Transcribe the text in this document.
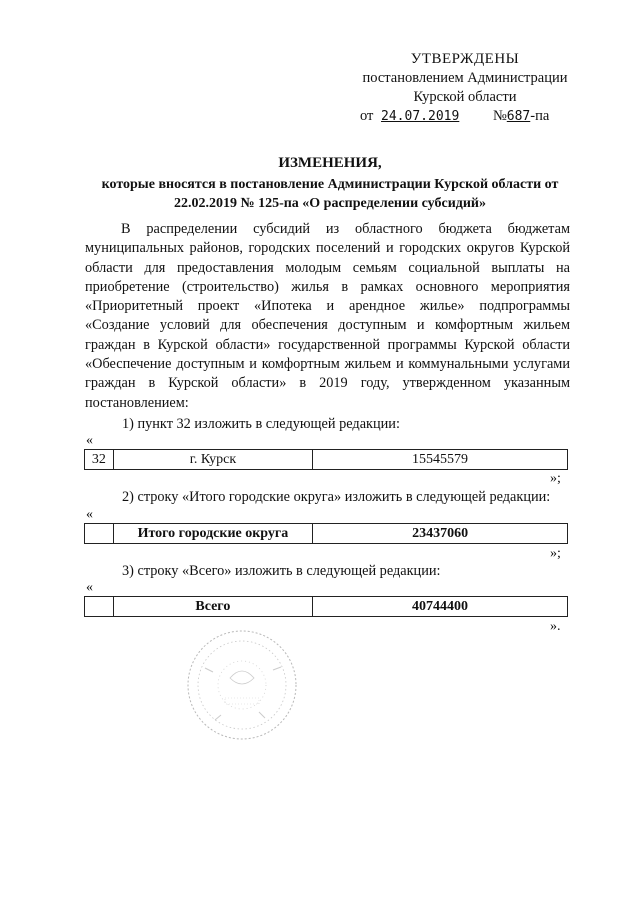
УТВЕРЖДЕНЫ
постановлением Администрации
Курской области
от 24.07.2019 №687-па
ИЗМЕНЕНИЯ,
которые вносятся в постановление Администрации Курской области от 22.02.2019 № 125-па «О распределении субсидий»
В распределении субсидий из областного бюджета бюджетам муниципальных районов, городских поселений и городских округов Курской области для предоставления молодым семьям социальной выплаты на приобретение (строительство) жилья в рамках основного мероприятия «Приоритетный проект «Ипотека и арендное жилье» подпрограммы «Создание условий для обеспечения доступным и комфортным жильем граждан в Курской области» государственной программы Курской области «Обеспечение доступным и комфортным жильем и коммунальными услугами граждан в Курской области» в 2019 году, утвержденном указанным постановлением:
1) пункт 32 изложить в следующей редакции:
«
32	г. Курск	15545579
»;
2) строку «Итого городские округа» изложить в следующей редакции:
«
	Итого городские округа	23437060
»;
3) строку «Всего» изложить в следующей редакции:
«
	Всего	40744400
».
